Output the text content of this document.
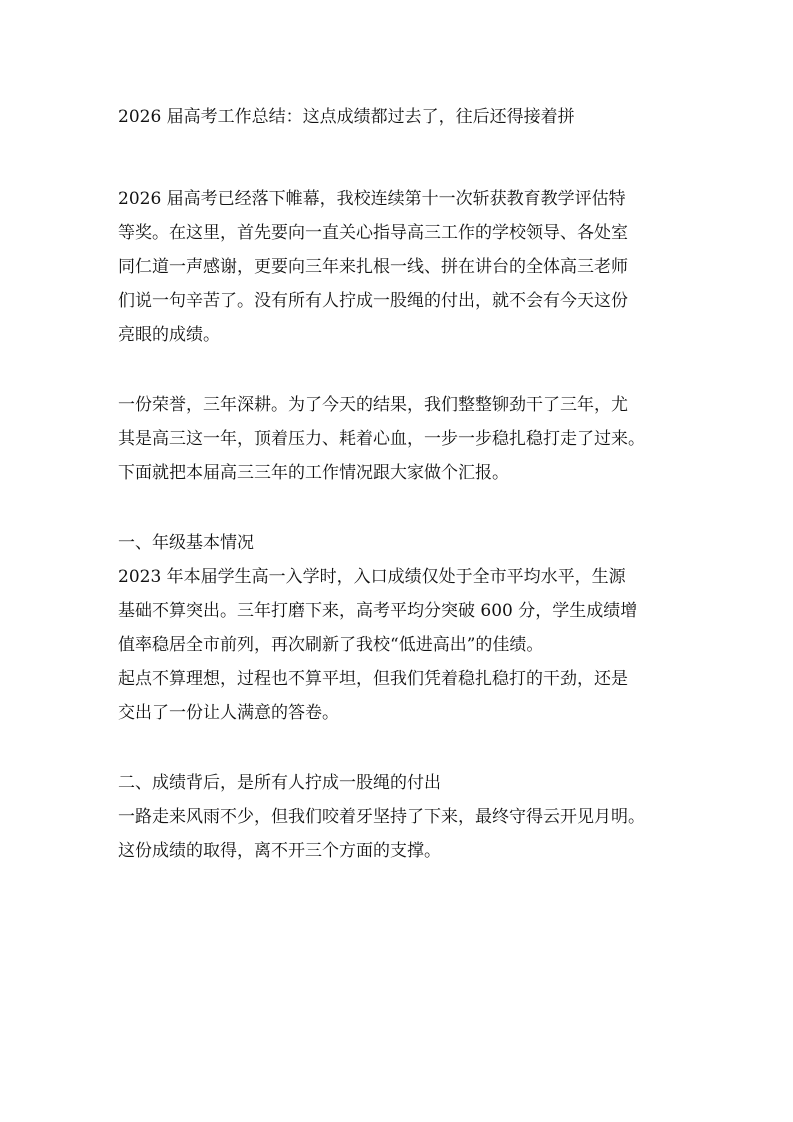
2026 届高考工作总结：这点成绩都过去了，往后还得接着拼
2026 届高考已经落下帷幕，我校连续第十一次斩获教育教学评估特
等奖。在这里，首先要向一直关心指导高三工作的学校领导、各处室
同仁道一声感谢，更要向三年来扎根一线、拼在讲台的全体高三老师
们说一句辛苦了。没有所有人拧成一股绳的付出，就不会有今天这份
亮眼的成绩。
一份荣誉，三年深耕。为了今天的结果，我们整整铆劲干了三年，尤
其是高三这一年，顶着压力、耗着心血，一步一步稳扎稳打走了过来。
下面就把本届高三三年的工作情况跟大家做个汇报。
一、年级基本情况
2023 年本届学生高一入学时，入口成绩仅处于全市平均水平，生源
基础不算突出。三年打磨下来，高考平均分突破 600 分，学生成绩增
值率稳居全市前列，再次刷新了我校“低进高出”的佳绩。
起点不算理想，过程也不算平坦，但我们凭着稳扎稳打的干劲，还是
交出了一份让人满意的答卷。
二、成绩背后，是所有人拧成一股绳的付出
一路走来风雨不少，但我们咬着牙坚持了下来，最终守得云开见月明。
这份成绩的取得，离不开三个方面的支撑。
